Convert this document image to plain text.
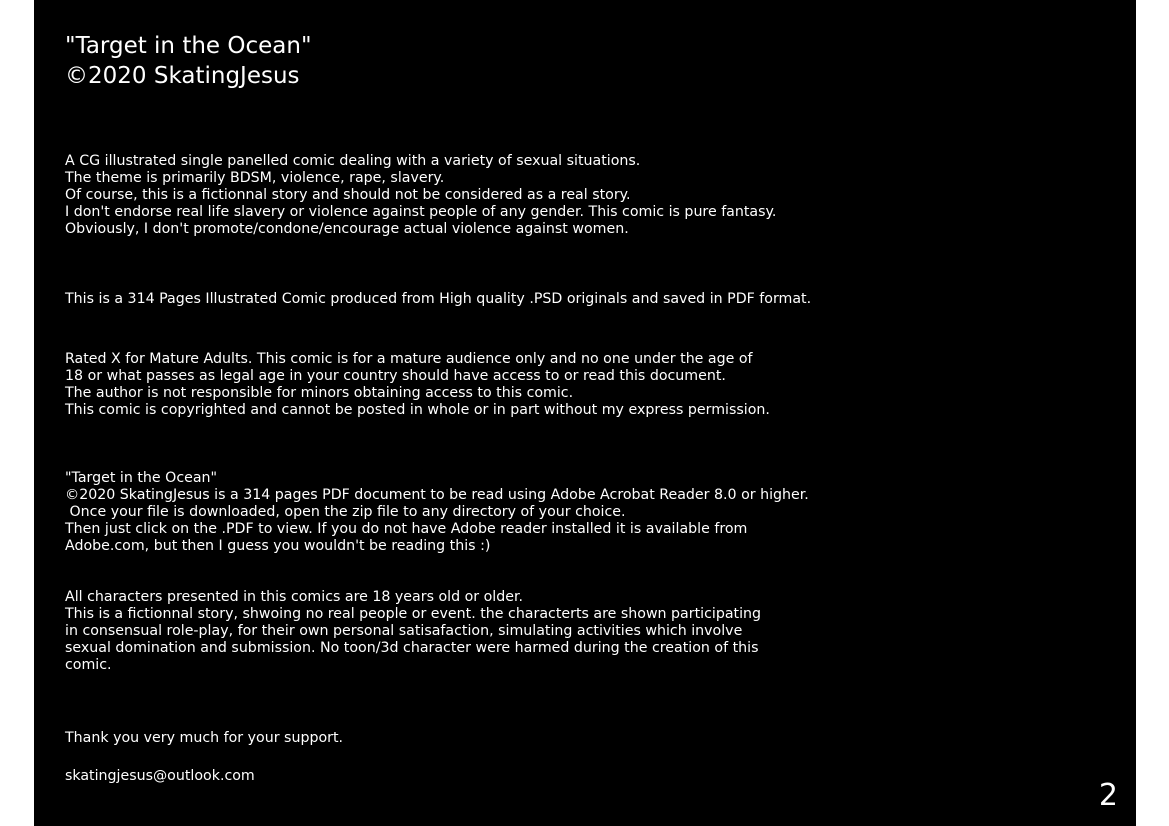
"Target in the Ocean"
©2020 SkatingJesus
A CG illustrated single panelled comic dealing with a variety of sexual situations.
The theme is primarily BDSM, violence, rape, slavery.
Of course, this is a fictionnal story and should not be considered as a real story.
I don't endorse real life slavery or violence against people of any gender. This comic is pure fantasy.
Obviously, I don't promote/condone/encourage actual violence against women.
This is a 314 Pages Illustrated Comic produced from High quality .PSD originals and saved in PDF format.
Rated X for Mature Adults. This comic is for a mature audience only and no one under the age of
18 or what passes as legal age in your country should have access to or read this document.
The author is not responsible for minors obtaining access to this comic.
This comic is copyrighted and cannot be posted in whole or in part without my express permission.
"Target in the Ocean"
©2020 SkatingJesus is a 314 pages PDF document to be read using Adobe Acrobat Reader 8.0 or higher.
Once your file is downloaded, open the zip file to any directory of your choice.
Then just click on the .PDF to view. If you do not have Adobe reader installed it is available from
Adobe.com, but then I guess you wouldn't be reading this :)
All characters presented in this comics are 18 years old or older.
This is a fictionnal story, shwoing no real people or event. the characterts are shown participating
in consensual role-play, for their own personal satisafaction, simulating activities which involve
sexual domination and submission. No toon/3d character were harmed during the creation of this
comic.
Thank you very much for your support.
skatingjesus@outlook.com
2
